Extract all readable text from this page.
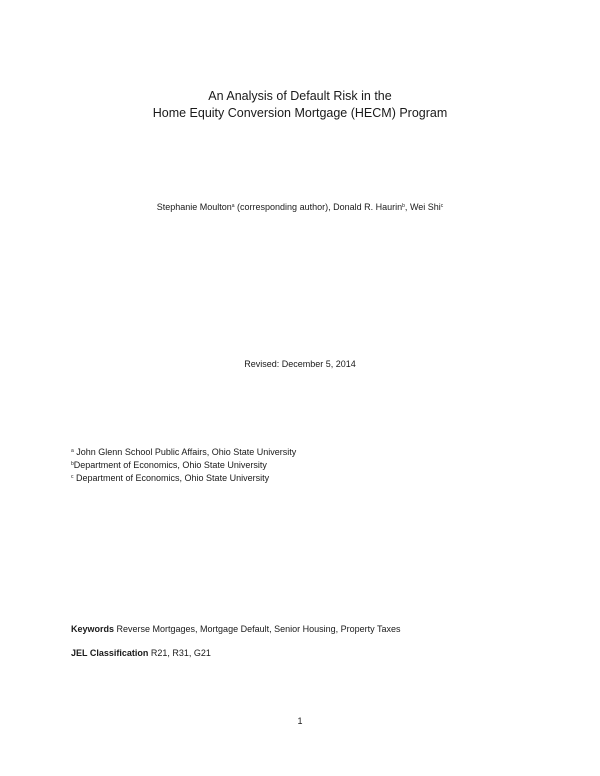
An Analysis of Default Risk in the
Home Equity Conversion Mortgage (HECM) Program
Stephanie Moulton$^a$ (corresponding author), Donald R. Haurin$^b$, Wei Shi$^c$
Revised: December 5, 2014
$^a$ John Glenn School Public Affairs, Ohio State University
$^b$Department of Economics, Ohio State University
$^c$ Department of Economics, Ohio State University
Keywords Reverse Mortgages, Mortgage Default, Senior Housing, Property Taxes
JEL Classification R21, R31, G21
1
